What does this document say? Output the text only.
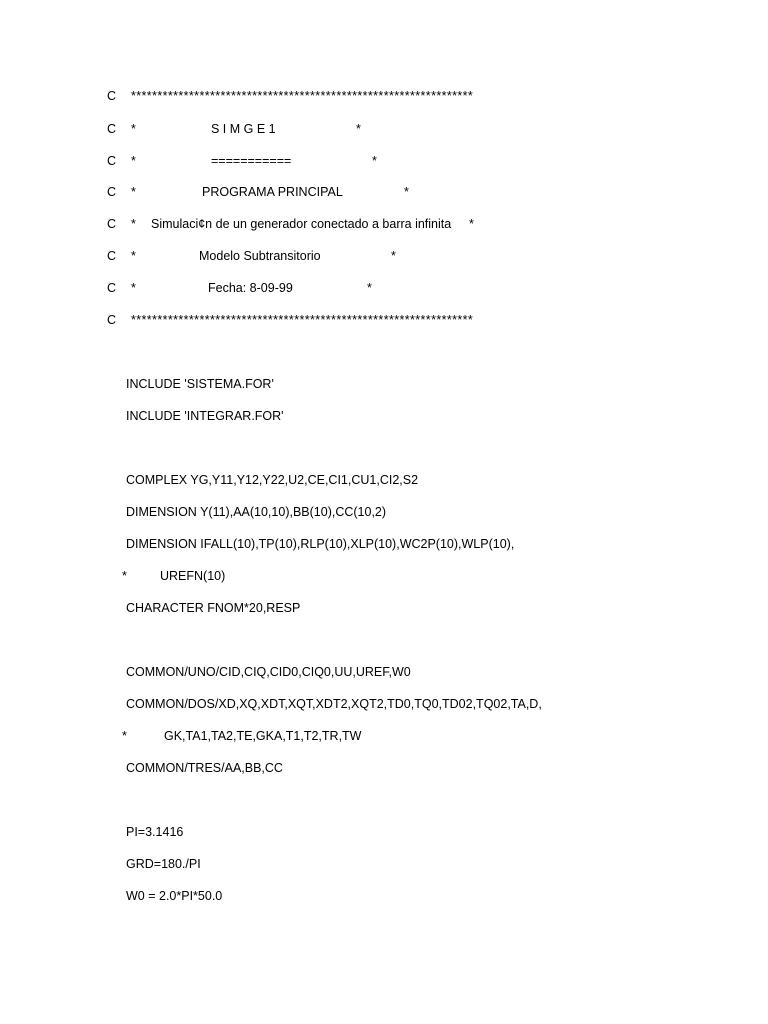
C *****************************************************************
C *	S I M G E 1	*
C *	===========	*
C *	PROGRAMA PRINCIPAL	*
C * Simulaci¢n de un generador conectado a barra infinita *
C *	Modelo Subtransitorio	*
C *	Fecha: 8-09-99	*
C *****************************************************************
INCLUDE 'SISTEMA.FOR'
INCLUDE 'INTEGRAR.FOR'
COMPLEX YG,Y11,Y12,Y22,U2,CE,CI1,CU1,CI2,S2
DIMENSION Y(11),AA(10,10),BB(10),CC(10,2)
DIMENSION IFALL(10),TP(10),RLP(10),XLP(10),WC2P(10),WLP(10),
*	UREFN(10)
CHARACTER FNOM*20,RESP
COMMON/UNO/CID,CIQ,CID0,CIQ0,UU,UREF,W0
COMMON/DOS/XD,XQ,XDT,XQT,XDT2,XQT2,TD0,TQ0,TD02,TQ02,TA,D,
*	GK,TA1,TA2,TE,GKA,T1,T2,TR,TW
COMMON/TRES/AA,BB,CC
PI=3.1416
GRD=180./PI
W0 = 2.0*PI*50.0
